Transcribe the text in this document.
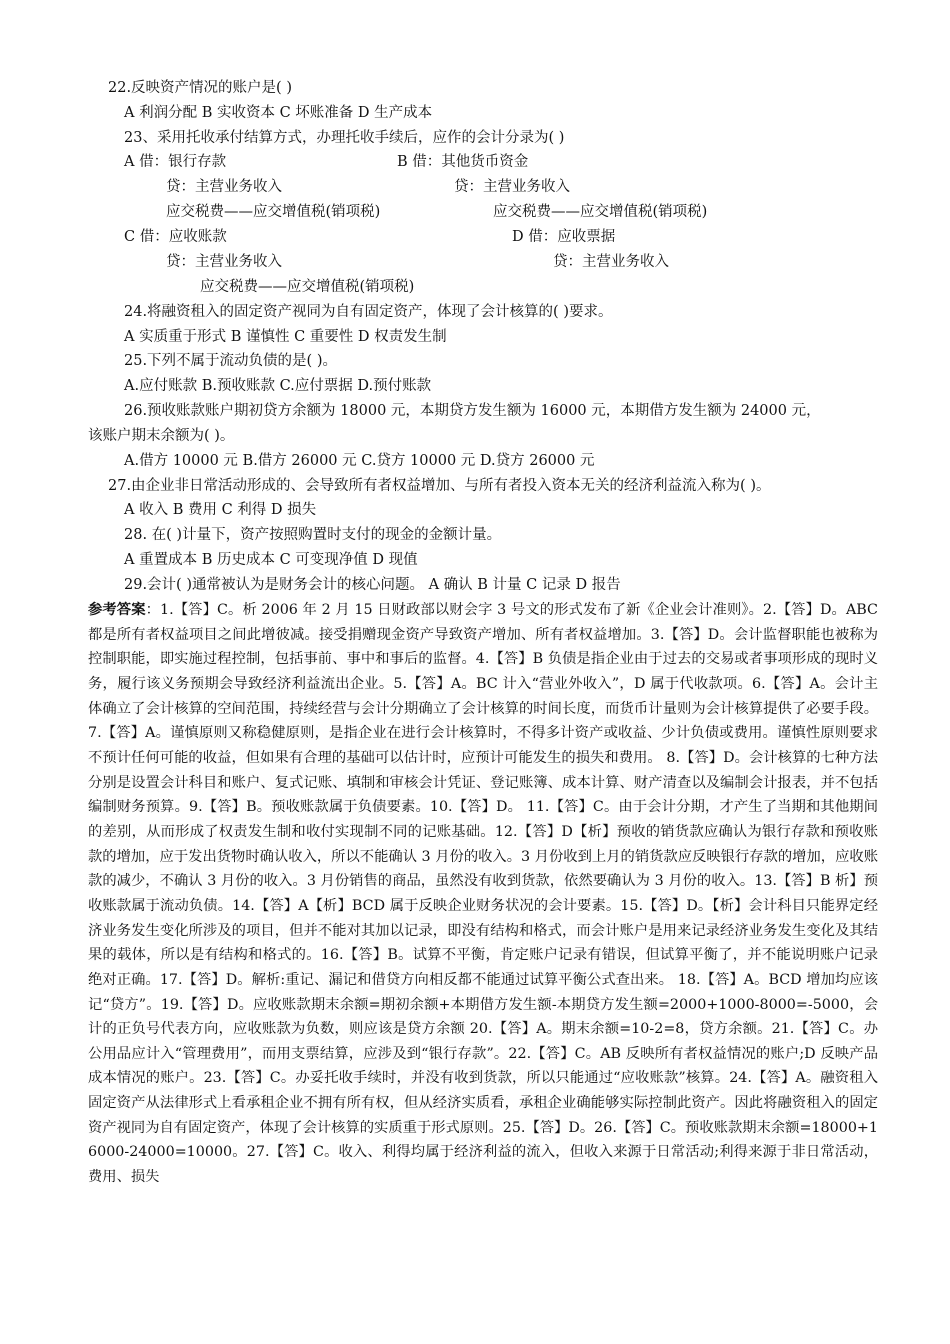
22.反映资产情况的账户是( )
A 利润分配 B 实收资本 C 坏账准备 D 生产成本
23、采用托收承付结算方式，办理托收手续后，应作的会计分录为( )
A 借：银行存款	B 借：其他货币资金
贷：主营业务收入	贷：主营业务收入
应交税费——应交增值税(销项税)	应交税费——应交增值税(销项税)
C 借：应收账款	D 借：应收票据
贷：主营业务收入	贷：主营业务收入
应交税费——应交增值税(销项税)
24.将融资租入的固定资产视同为自有固定资产，体现了会计核算的( )要求。
A 实质重于形式 B 谨慎性 C 重要性 D 权责发生制
25.下列不属于流动负债的是( )。
A.应付账款 B.预收账款 C.应付票据 D.预付账款
26.预收账款账户期初贷方余额为 18000 元，本期贷方发生额为 16000 元，本期借方发生额为 24000 元，
该账户期末余额为( )。
A.借方 10000 元 B.借方 26000 元 C.贷方 10000 元 D.贷方 26000 元
27.由企业非日常活动形成的、会导致所有者权益增加、与所有者投入资本无关的经济利益流入称为( )。
A 收入 B 费用 C 利得 D 损失
28. 在( )计量下，资产按照购置时支付的现金的金额计量。
A 重置成本 B 历史成本 C 可变现净值 D 现值
29.会计( )通常被认为是财务会计的核心问题。 A 确认 B 计量 C 记录 D 报告
参考答案：1.【答】C。析 2006 年 2 月 15 日财政部以财会字 3 号文的形式发布了新《企业会计准则》。2.【答】D。ABC 都是所有者权益项目之间此增彼减。接受捐赠现金资产导致资产增加、所有者权益增加。3.【答】D。会计监督职能也被称为控制职能，即实施过程控制，包括事前、事中和事后的监督。4.【答】B 负债是指企业由于过去的交易或者事项形成的现时义务，履行该义务预期会导致经济利益流出企业。5.【答】A。BC 计入“营业外收入”，D 属于代收款项。6.【答】A。会计主体确立了会计核算的空间范围，持续经营与会计分期确立了会计核算的时间长度，而货币计量则为会计核算提供了必要手段。 7.【答】A。谨慎原则又称稳健原则，是指企业在进行会计核算时，不得多计资产或收益、少计负债或费用。谨慎性原则要求不预计任何可能的收益，但如果有合理的基础可以估计时，应预计可能发生的损失和费用。 8.【答】D。会计核算的七种方法分别是设置会计科目和账户、复式记账、填制和审核会计凭证、登记账簿、成本计算、财产清查以及编制会计报表，并不包括编制财务预算。9.【答】B。预收账款属于负债要素。10.【答】D。 11.【答】C。由于会计分期，才产生了当期和其他期间的差别，从而形成了权责发生制和收付实现制不同的记账基础。12.【答】D【析】预收的销货款应确认为银行存款和预收账款的增加，应于发出货物时确认收入，所以不能确认 3 月份的收入。3 月份收到上月的销货款应反映银行存款的增加，应收账款的减少，不确认 3 月份的收入。3 月份销售的商品，虽然没有收到货款，依然要确认为 3 月份的收入。13.【答】B 析】预收账款属于流动负债。14.【答】A【析】BCD 属于反映企业财务状况的会计要素。15.【答】D。【析】会计科目只能界定经济业务发生变化所涉及的项目，但并不能对其加以记录，即没有结构和格式，而会计账户是用来记录经济业务发生变化及其结果的载体，所以是有结构和格式的。16.【答】B。试算不平衡，肯定账户记录有错误，但试算平衡了，并不能说明账户记录绝对正确。17.【答】D。解析:重记、漏记和借贷方向相反都不能通过试算平衡公式查出来。 18.【答】A。BCD 增加均应该记“贷方”。19.【答】D。应收账款期末余额=期初余额+本期借方发生额-本期贷方发生额=2000+1000-8000=-5000，会计的正负号代表方向，应收账款为负数，则应该是贷方余额 20.【答】A。期末余额=10-2=8，贷方余额。21.【答】C。办公用品应计入“管理费用”，而用支票结算，应涉及到“银行存款”。22.【答】C。AB 反映所有者权益情况的账户;D 反映产品成本情况的账户。23.【答】C。办妥托收手续时，并没有收到货款，所以只能通过“应收账款”核算。24.【答】A。融资租入固定资产从法律形式上看承租企业不拥有所有权，但从经济实质看，承租企业确能够实际控制此资产。因此将融资租入的固定资产视同为自有固定资产，体现了会计核算的实质重于形式原则。25.【答】D。26.【答】C。预收账款期末余额=18000+16000-24000=10000。27.【答】C。收入、利得均属于经济利益的流入，但收入来源于日常活动;利得来源于非日常活动，费用、损失
